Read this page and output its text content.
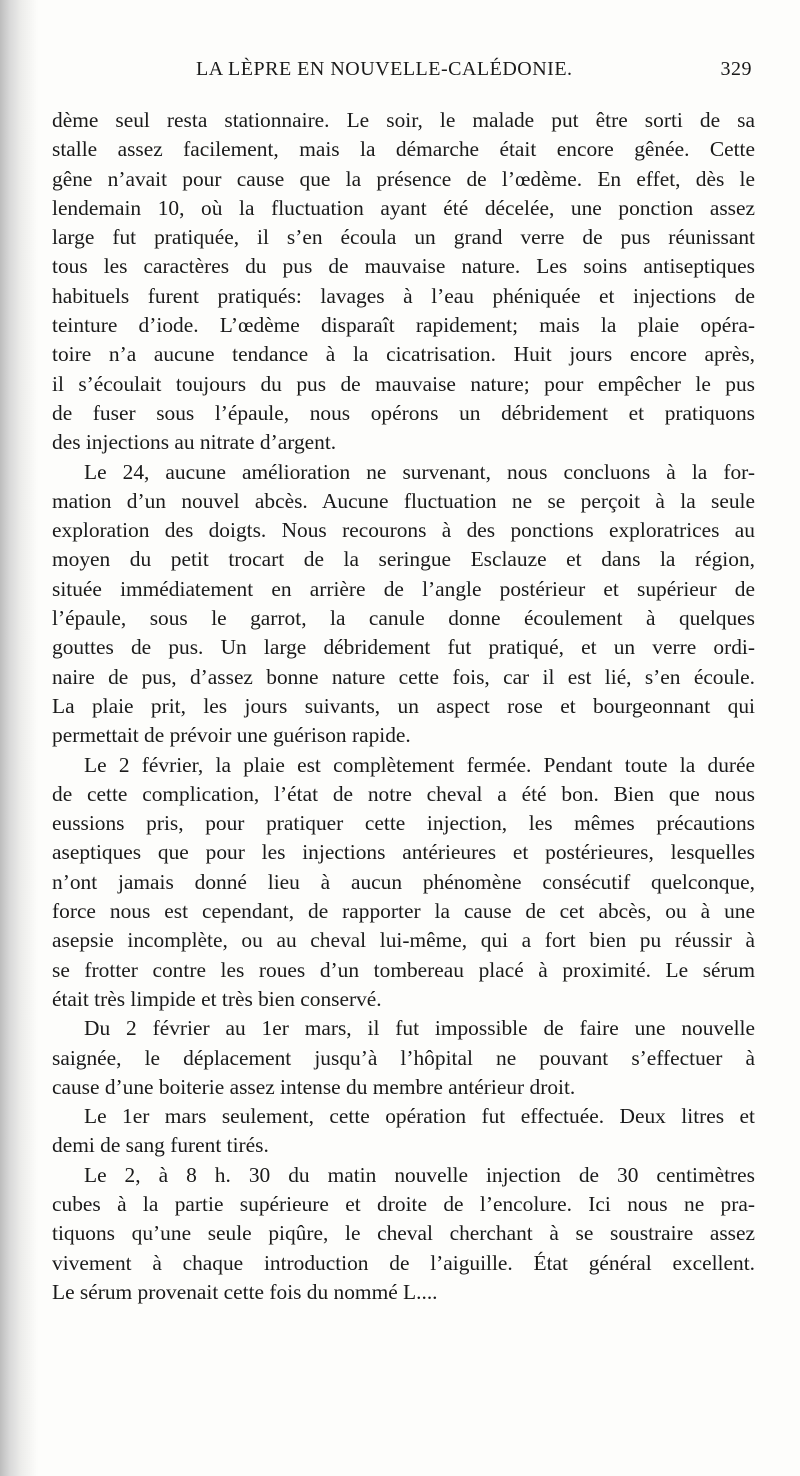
LA LÈPRE EN NOUVELLE-CALÉDONIE.	329
dème seul resta stationnaire. Le soir, le malade put être sorti de sa
stalle assez facilement, mais la démarche était encore gênée. Cette
gêne n’avait pour cause que la présence de l’œdème. En effet, dès le
lendemain 10, où la fluctuation ayant été décelée, une ponction assez
large fut pratiquée, il s’en écoula un grand verre de pus réunissant
tous les caractères du pus de mauvaise nature. Les soins antiseptiques
habituels furent pratiqués: lavages à l’eau phéniquée et injections de
teinture d’iode. L’œdème disparaît rapidement; mais la plaie opéra-
toire n’a aucune tendance à la cicatrisation. Huit jours encore après,
il s’écoulait toujours du pus de mauvaise nature; pour empêcher le pus
de fuser sous l’épaule, nous opérons un débridement et pratiquons
des injections au nitrate d’argent.
Le 24, aucune amélioration ne survenant, nous concluons à la for-
mation d’un nouvel abcès. Aucune fluctuation ne se perçoit à la seule
exploration des doigts. Nous recourons à des ponctions exploratrices au
moyen du petit trocart de la seringue Esclauze et dans la région,
située immédiatement en arrière de l’angle postérieur et supérieur de
l’épaule, sous le garrot, la canule donne écoulement à quelques
gouttes de pus. Un large débridement fut pratiqué, et un verre ordi-
naire de pus, d’assez bonne nature cette fois, car il est lié, s’en écoule.
La plaie prit, les jours suivants, un aspect rose et bourgeonnant qui
permettait de prévoir une guérison rapide.
Le 2 février, la plaie est complètement fermée. Pendant toute la durée
de cette complication, l’état de notre cheval a été bon. Bien que nous
eussions pris, pour pratiquer cette injection, les mêmes précautions
aseptiques que pour les injections antérieures et postérieures, lesquelles
n’ont jamais donné lieu à aucun phénomène consécutif quelconque,
force nous est cependant, de rapporter la cause de cet abcès, ou à une
asepsie incomplète, ou au cheval lui-même, qui a fort bien pu réussir à
se frotter contre les roues d’un tombereau placé à proximité. Le sérum
était très limpide et très bien conservé.
Du 2 février au 1er mars, il fut impossible de faire une nouvelle
saignée, le déplacement jusqu’à l’hôpital ne pouvant s’effectuer à
cause d’une boiterie assez intense du membre antérieur droit.
Le 1er mars seulement, cette opération fut effectuée. Deux litres et
demi de sang furent tirés.
Le 2, à 8 h. 30 du matin nouvelle injection de 30 centimètres
cubes à la partie supérieure et droite de l’encolure. Ici nous ne pra-
tiquons qu’une seule piqûre, le cheval cherchant à se soustraire assez
vivement à chaque introduction de l’aiguille. État général excellent.
Le sérum provenait cette fois du nommé L....
